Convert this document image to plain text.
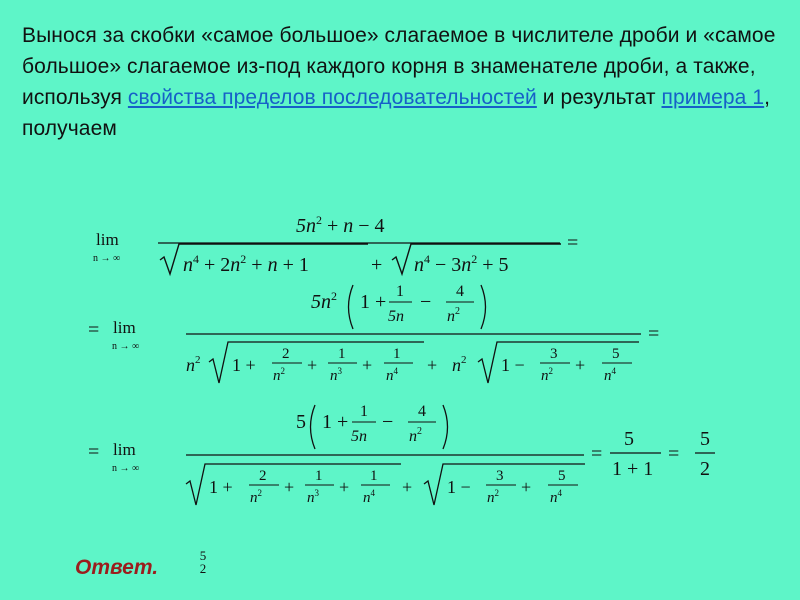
Вынося за скобки «самое большое» слагаемое в числителе дроби и «самое большое» слагаемое из-под каждого корня в знаменателе дроби, а также, используя свойства пределов последовательностей и результат примера 1,
получаем
lim
n → ∞
$5n^2 + n - 4$
$n^4 + 2n^2 + n + 1$	+ $n^4 - 3n^2 + 5$
=
= lim
n → ∞
$5n^2$ 1 + 1
5n
− 4
$n^2$
$n^2$ 1 +
2
$n^2$ +
1
$n^3$ +
1
$n^4 + n^2$ 1 −
3
$n^2$ +
5
$n^4$
=
= lim
n → ∞
5 1 + 1
5n
− 4
$n^2$
1 +
2
$n^2$ +
1
$n^3$ +
1
$n^4 + 1$ −
3
$n^2$ +
5
$n^4$
=
5
1 + 1
=
5
2
Ответ.
5
2
